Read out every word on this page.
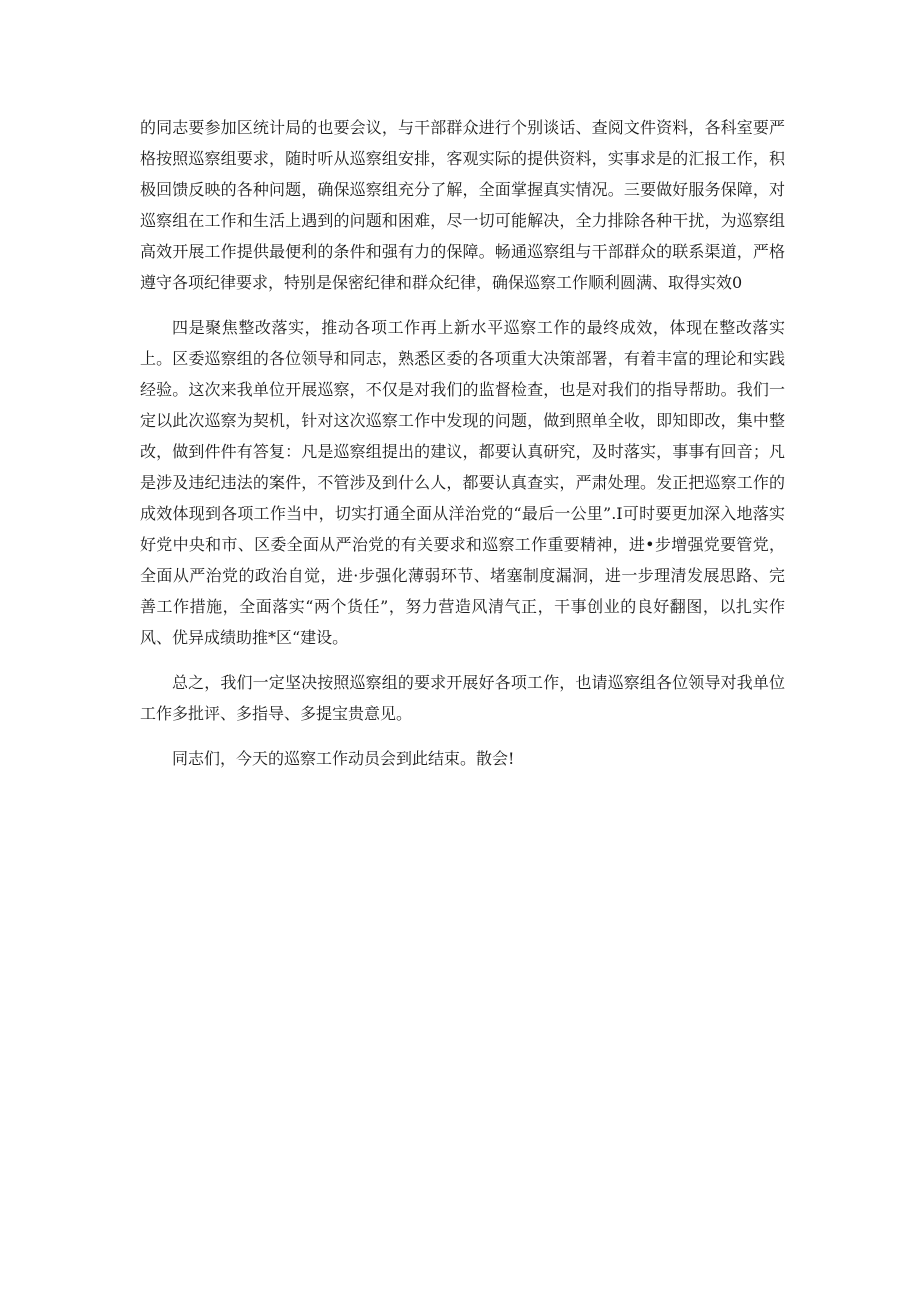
的同志要参加区统计局的也要会议，与干部群众进行个别谈话、查阅文件资料，各科室要严格按照巡察组要求，随时听从巡察组安排，客观实际的提供资料，实事求是的汇报工作，积极回馈反映的各种问题，确保巡察组充分了解，全面掌握真实情况。三要做好服务保障，对巡察组在工作和生活上遇到的问题和困难，尽一切可能解决，全力排除各种干扰，为巡察组高效开展工作提供最便利的条件和强有力的保障。畅通巡察组与干部群众的联系渠道，严格遵守各项纪律要求，特别是保密纪律和群众纪律，确保巡察工作顺利圆满、取得实效0

四是聚焦整改落实，推动各项工作再上新水平巡察工作的最终成效，体现在整改落实上。区委巡察组的各位领导和同志，熟悉区委的各项重大决策部署，有着丰富的理论和实践经验。这次来我单位开展巡察，不仅是对我们的监督检查，也是对我们的指导帮助。我们一定以此次巡察为契机，针对这次巡察工作中发现的问题，做到照单全收，即知即改，集中整改，做到件件有答复：凡是巡察组提出的建议，都要认真研究，及时落实，事事有回音；凡是涉及违纪违法的案件，不管涉及到什么人，都要认真查实，严肃处理。发正把巡察工作的成效体现到各项工作当中，切实打通全面从洋治党的“最后一公里”.I可时要更加深入地落实好党中央和市、区委全面从严治党的有关要求和巡察工作重要精神，进•步增强党要管党，全面从严治党的政治自觉，进·步强化薄弱环节、堵塞制度漏洞，进一步理清发展思路、完善工作措施，全面落实“两个货任”，努力营造风清气正，干事创业的良好翻图，以扎实作风、优异成绩助推*区“建设。

总之，我们一定坚决按照巡察组的要求开展好各项工作，也请巡察组各位领导对我单位工作多批评、多指导、多提宝贵意见。

同志们，今天的巡察工作动员会到此结束。散会!
